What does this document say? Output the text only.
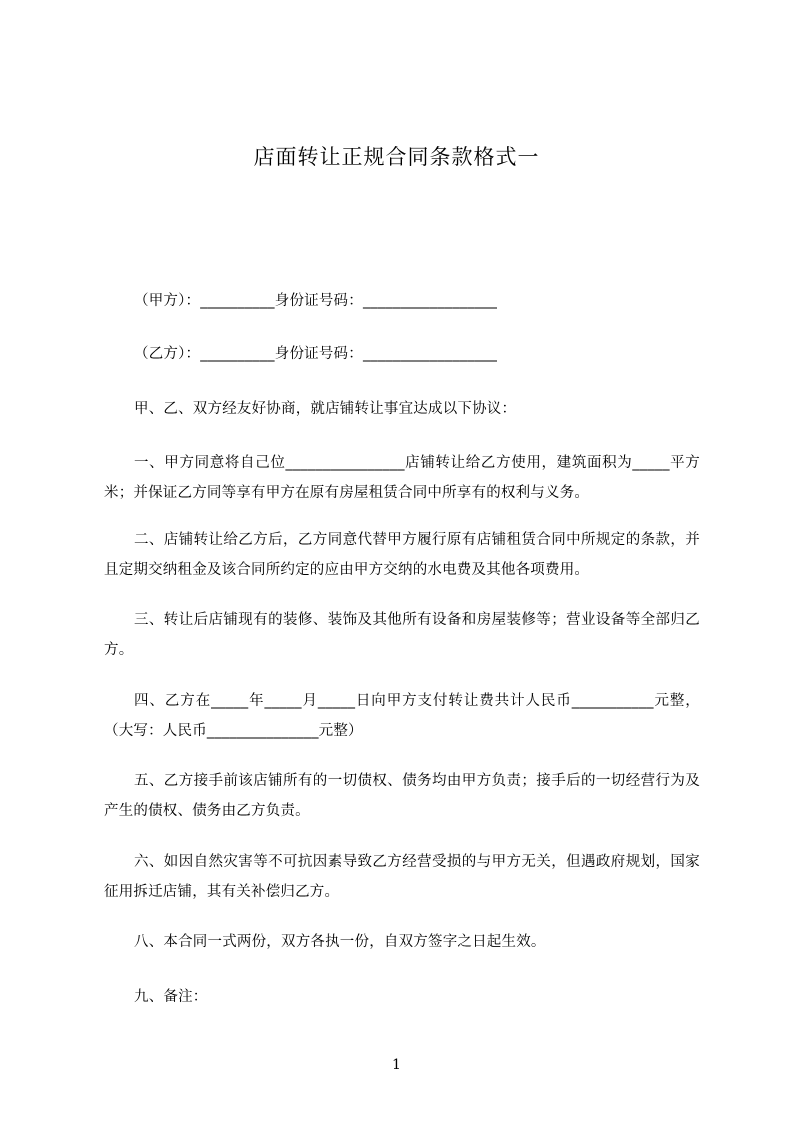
店面转让正规合同条款格式一
（甲方）：__________身份证号码：__________________
（乙方）：__________身份证号码：__________________
甲、乙、双方经友好协商，就店铺转让事宜达成以下协议：
一、甲方同意将自己位________________店铺转让给乙方使用，建筑面积为_____平方米；并保证乙方同等享有甲方在原有房屋租赁合同中所享有的权利与义务。
二、店铺转让给乙方后，乙方同意代替甲方履行原有店铺租赁合同中所规定的条款，并且定期交纳租金及该合同所约定的应由甲方交纳的水电费及其他各项费用。
三、转让后店铺现有的装修、装饰及其他所有设备和房屋装修等；营业设备等全部归乙方。
四、乙方在_____年_____月_____日向甲方支付转让费共计人民币___________元整，（大写：人民币_______________元整）
五、乙方接手前该店铺所有的一切债权、债务均由甲方负责；接手后的一切经营行为及产生的债权、债务由乙方负责。
六、如因自然灾害等不可抗因素导致乙方经营受损的与甲方无关，但遇政府规划，国家征用拆迁店铺，其有关补偿归乙方。
八、本合同一式两份，双方各执一份，自双方签字之日起生效。
九、备注：
1
